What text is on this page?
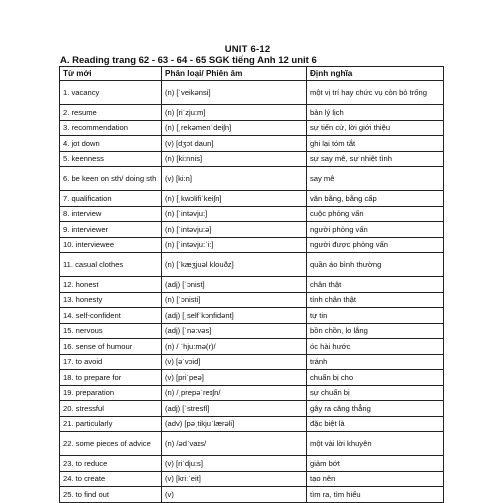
UNIT 6-12
A. Reading trang 62 - 63 - 64 - 65 SGK tiếng Anh 12 unit 6
Từ mới	Phân loại/ Phiên âm	Định nghĩa
1. vacancy	(n) [ˈveikənsi]	một vị trí hay chức vụ còn bỏ trống
2. resume	(n) [riˈzju:m]	bản lý lịch
3. recommendation	(n) [ˌrekəmenˈdeiʃn]	sự tiến cử, lời giới thiệu
4. jot down	(v) [dʒɔt daun]	ghi lại tóm tắt
5. keenness	(n) [ki:nnis]	sự say mê, sự nhiệt tình
6. be keen on sth/ doing sth	(v) [ki:n]	say mê
7. qualification	(n) [ˌkwɔlifiˈkeiʃn]	văn bằng, bằng cấp
8. interview	(n) [ˈintəvju:]	cuộc phỏng vấn
9. interviewer	(n) [ˈintəvju:ə]	người phỏng vấn
10. interviewee	(n) [ˈintəvju:ˈi:]	người được phỏng vấn
11. casual clothes	(n) [ˈkæʒjuəl klouðz]	quần áo bình thường
12. honest	(adj) [ˈɔnist]	chân thật
13. honesty	(n) [ˈɔnisti]	tính chân thật
14. self-confident	(adj) [ˌselfˈkɔnfidənt]	tự tin
15. nervous	(adj) [ˈnə:vəs]	bồn chồn, lo lắng
16. sense of humour	(n) / ˈhju:mə(r)/	óc hài hước
17. to avoid	(v) [əˈvɔid]	tránh
18. to prepare for	(v) [priˈpeə]	chuẩn bị cho
19. preparation	(n) /ˌprepəˈreɪʃn/	sự chuẩn bị
20. stressful	(adj) [ˈstresfl]	gây ra căng thẳng
21. particularly	(adv) [pəˌtikjuˈlærəli]	đặc biệt là
22. some pieces of advice	(n) /ədˈvaɪs/	một vài lời khuyên
23. to reduce	(v) [riˈdju:s]	giảm bớt
24. to create	(v) [kriːˈeit]	tạo nên
25. to find out	(v)	tìm ra, tìm hiểu
